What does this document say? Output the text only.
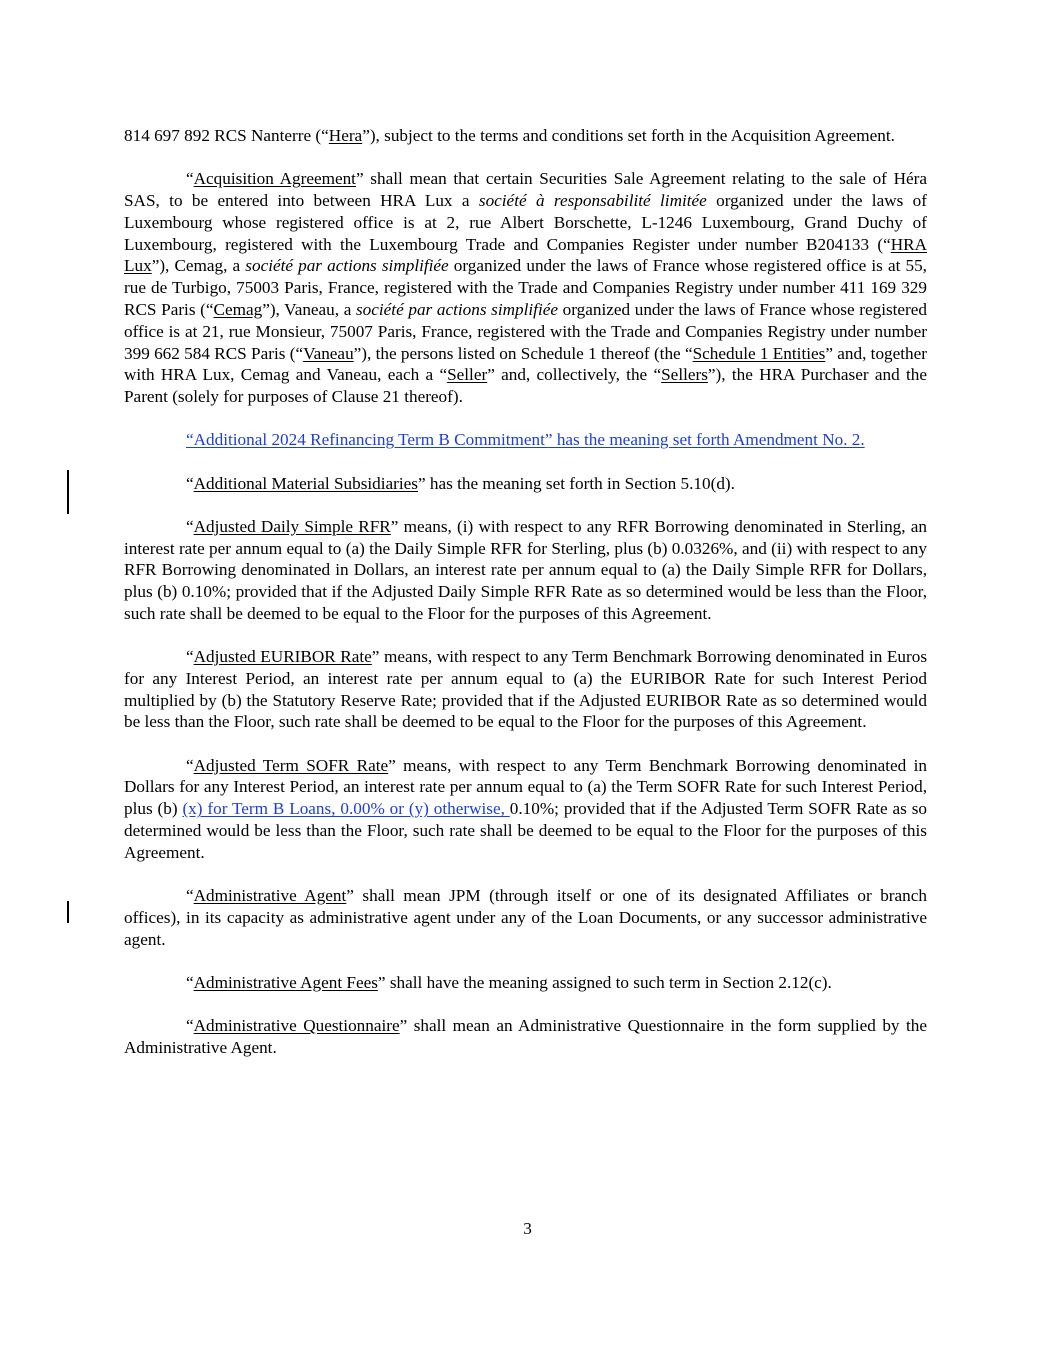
814 697 892 RCS Nanterre (“Hera”), subject to the terms and conditions set forth in the Acquisition Agreement.

“Acquisition Agreement” shall mean that certain Securities Sale Agreement relating to the sale of Héra SAS, to be entered into between HRA Lux a société à responsabilité limitée organized under the laws of Luxembourg whose registered office is at 2, rue Albert Borschette, L-1246 Luxembourg, Grand Duchy of Luxembourg, registered with the Luxembourg Trade and Companies Register under number B204133 (“HRA Lux”), Cemag, a société par actions simplifiée organized under the laws of France whose registered office is at 55, rue de Turbigo, 75003 Paris, France, registered with the Trade and Companies Registry under number 411 169 329 RCS Paris (“Cemag”), Vaneau, a société par actions simplifiée organized under the laws of France whose registered office is at 21, rue Monsieur, 75007 Paris, France, registered with the Trade and Companies Registry under number 399 662 584 RCS Paris (“Vaneau”), the persons listed on Schedule 1 thereof (the “Schedule 1 Entities” and, together with HRA Lux, Cemag and Vaneau, each a “Seller” and, collectively, the “Sellers”), the HRA Purchaser and the Parent (solely for purposes of Clause 21 thereof).

“Additional 2024 Refinancing Term B Commitment” has the meaning set forth Amendment No. 2.

“Additional Material Subsidiaries” has the meaning set forth in Section 5.10(d).

“Adjusted Daily Simple RFR” means, (i) with respect to any RFR Borrowing denominated in Sterling, an interest rate per annum equal to (a) the Daily Simple RFR for Sterling, plus (b) 0.0326%, and (ii) with respect to any RFR Borrowing denominated in Dollars, an interest rate per annum equal to (a) the Daily Simple RFR for Dollars, plus (b) 0.10%; provided that if the Adjusted Daily Simple RFR Rate as so determined would be less than the Floor, such rate shall be deemed to be equal to the Floor for the purposes of this Agreement.

“Adjusted EURIBOR Rate” means, with respect to any Term Benchmark Borrowing denominated in Euros for any Interest Period, an interest rate per annum equal to (a) the EURIBOR Rate for such Interest Period multiplied by (b) the Statutory Reserve Rate; provided that if the Adjusted EURIBOR Rate as so determined would be less than the Floor, such rate shall be deemed to be equal to the Floor for the purposes of this Agreement.

“Adjusted Term SOFR Rate” means, with respect to any Term Benchmark Borrowing denominated in Dollars for any Interest Period, an interest rate per annum equal to (a) the Term SOFR Rate for such Interest Period, plus (b) (x) for Term B Loans, 0.00% or (y) otherwise, 0.10%; provided that if the Adjusted Term SOFR Rate as so determined would be less than the Floor, such rate shall be deemed to be equal to the Floor for the purposes of this Agreement.

“Administrative Agent” shall mean JPM (through itself or one of its designated Affiliates or branch offices), in its capacity as administrative agent under any of the Loan Documents, or any successor administrative agent.

“Administrative Agent Fees” shall have the meaning assigned to such term in Section 2.12(c).

“Administrative Questionnaire” shall mean an Administrative Questionnaire in the form supplied by the Administrative Agent.

3
